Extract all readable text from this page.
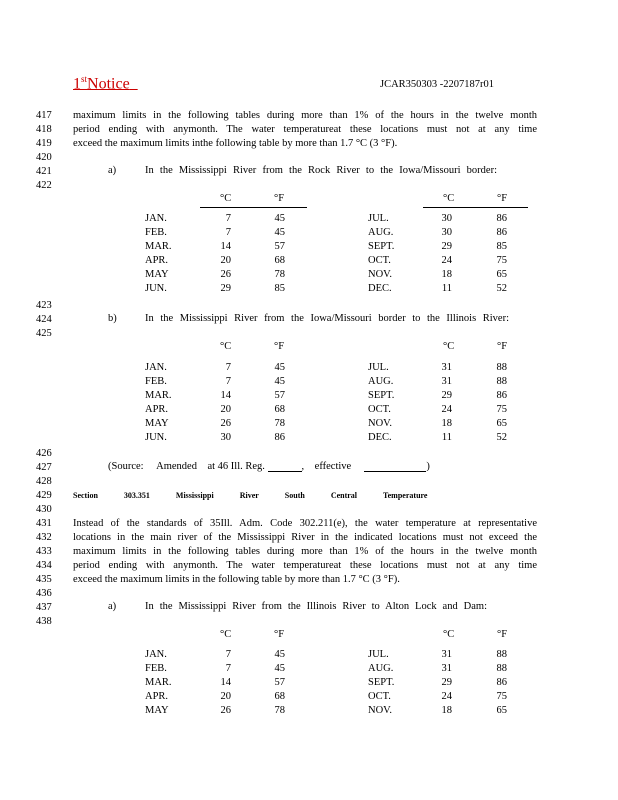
1stNotice	JCAR350303 -2207187r01
417
418
419
420
421
422
423
424
425
426
427
428
429
430
431
432
433
434
435
436
437
438
maximum limits in the following tables during more than 1% of the hours in the twelve month
period ending with anymonth. The water temperatureat these locations must not at any time
exceed the maximum limits inthe following table by more than 1.7 °C (3 °F).
a)	In the Mississippi River from the Rock River to the Iowa/Missouri border:
°C	°F	°C	°F
JAN.	7	45	JUL.	30	86
FEB.	7	45	AUG.	30	86
MAR.	14	57	SEPT.	29	85
APR.	20	68	OCT.	24	75
MAY	26	78	NOV.	18	65
JUN.	29	85	DEC.	11	52
b)	In the Mississippi River from the Iowa/Missouri border to the Illinois River:
°C	°F	°C	°F
JAN.	7	45	JUL.	31	88
FEB.	7	45	AUG.	31	88
MAR.	14	57	SEPT.	29	86
APR.	20	68	OCT.	24	75
MAY	26	78	NOV.	18	65
JUN.	30	86	DEC.	11	52
(Source: Amended at 46 Ill. Reg.	, effective	)
Section	303.351	Mississippi	River	South	Central	Temperature
Instead of the standards of 35Ill. Adm. Code 302.211(e), the water temperature at representative
locations in the main river of the Mississippi River in the indicated locations must not exceed the
maximum limits in the following tables during more than 1% of the hours in the twelve month
period ending with anymonth. The water temperatureat these locations must not at any time
exceed the maximum limits in the following table by more than 1.7 °C (3 °F).
a)	In the Mississippi River from the Illinois River to Alton Lock and Dam:
°C	°F	°C	°F
JAN.	7	45	JUL.	31	88
FEB.	7	45	AUG.	31	88
MAR.	14	57	SEPT.	29	86
APR.	20	68	OCT.	24	75
MAY	26	78	NOV.	18	65
